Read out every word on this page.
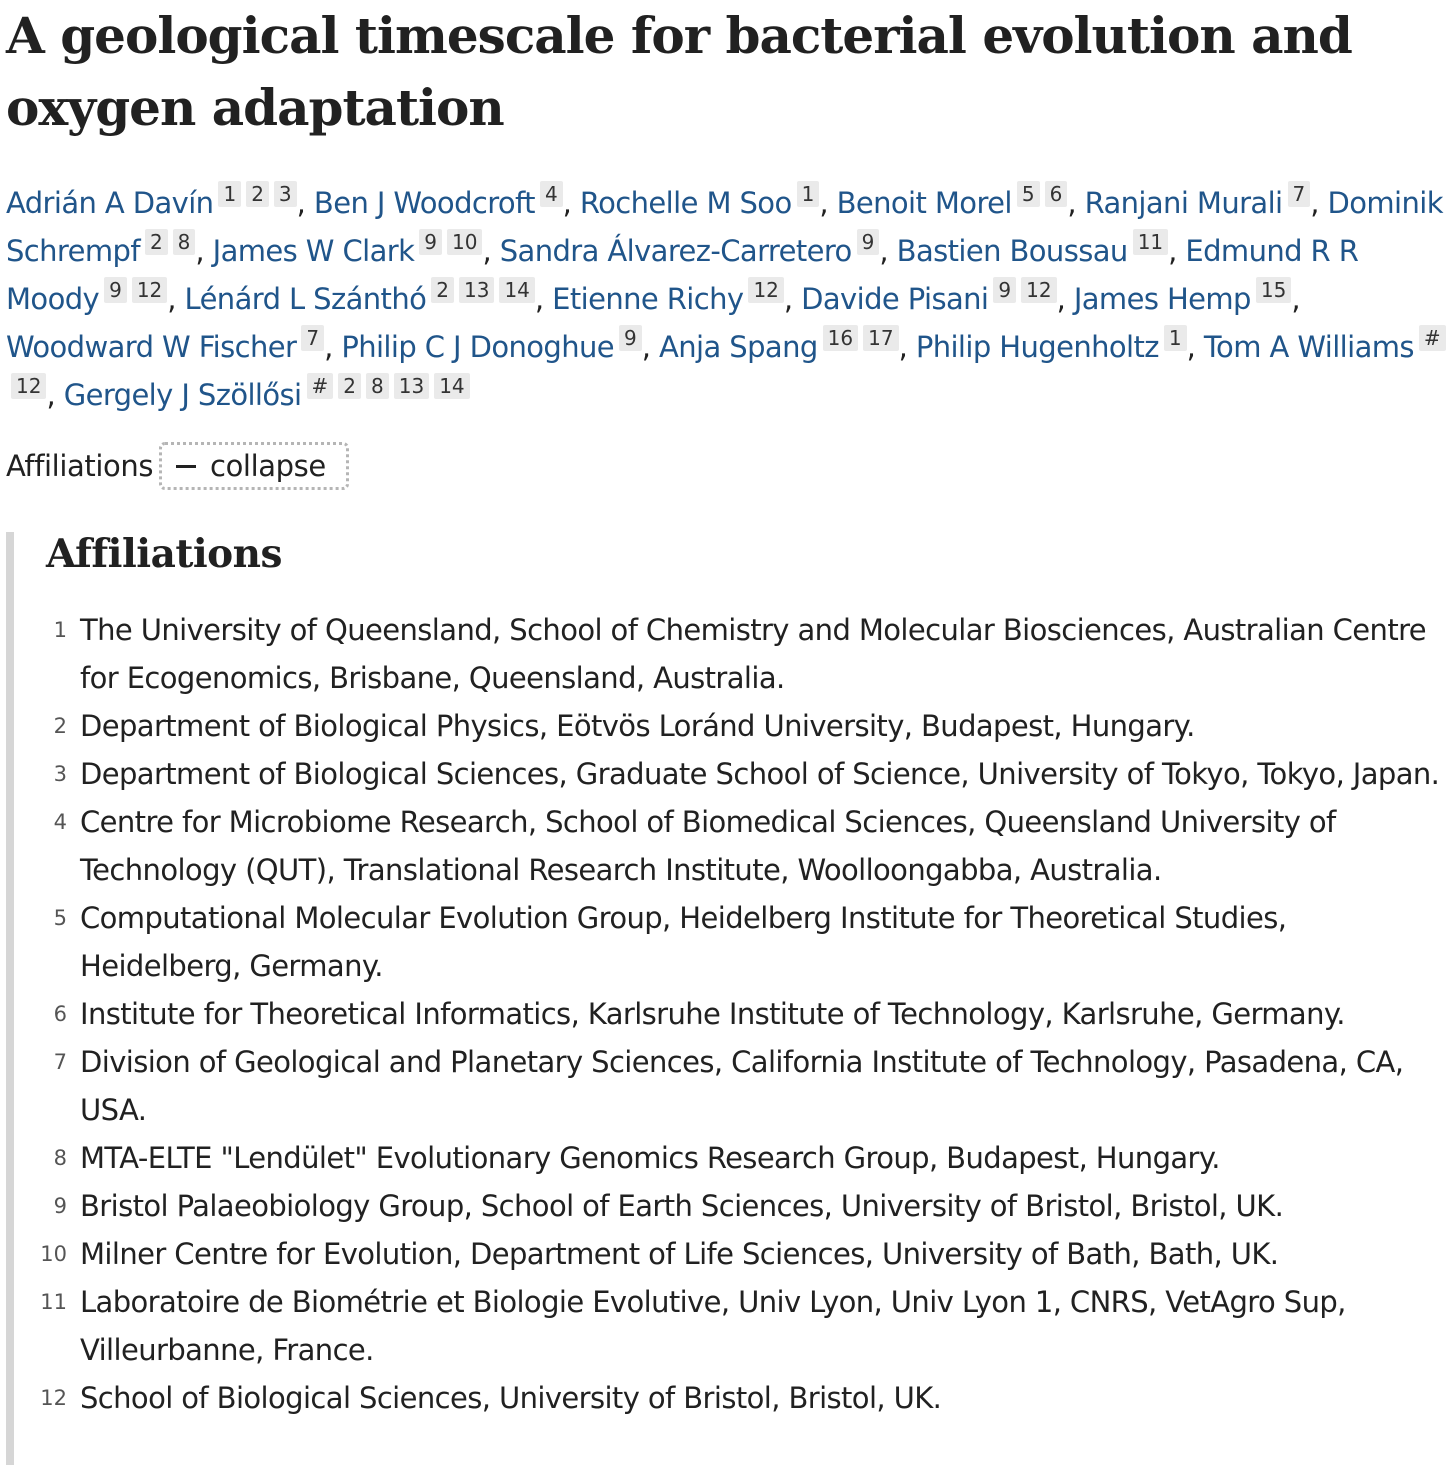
A geological timescale for bacterial evolution and oxygen adaptation
Adrián A Davín 1 2 3 , Ben J Woodcroft 4 , Rochelle M Soo 1 , Benoit Morel 5 6 , Ranjani Murali 7 , Dominik Schrempf 2 8 , James W Clark 9 10 , Sandra Álvarez-Carretero 9 , Bastien Boussau 11 , Edmund R R Moody 9 12 , Lénárd L Szánthó 2 13 14 , Etienne Richy 12 , Davide Pisani 9 12 , James Hemp 15 , Woodward W Fischer 7 , Philip C J Donoghue 9 , Anja Spang 16 17 , Philip Hugenholtz 1 , Tom A Williams #12 , Gergely J Szöllősi # 2 8 13 14
Affiliations collapse
Affiliations
1 The University of Queensland, School of Chemistry and Molecular Biosciences, Australian Centre for Ecogenomics, Brisbane, Queensland, Australia.
2 Department of Biological Physics, Eötvös Loránd University, Budapest, Hungary.
3 Department of Biological Sciences, Graduate School of Science, University of Tokyo, Tokyo, Japan.
4 Centre for Microbiome Research, School of Biomedical Sciences, Queensland University of Technology (QUT), Translational Research Institute, Woolloongabba, Australia.
5 Computational Molecular Evolution Group, Heidelberg Institute for Theoretical Studies, Heidelberg, Germany.
6 Institute for Theoretical Informatics, Karlsruhe Institute of Technology, Karlsruhe, Germany.
7 Division of Geological and Planetary Sciences, California Institute of Technology, Pasadena, CA, USA.
8 MTA-ELTE "Lendület" Evolutionary Genomics Research Group, Budapest, Hungary.
9 Bristol Palaeobiology Group, School of Earth Sciences, University of Bristol, Bristol, UK.
10 Milner Centre for Evolution, Department of Life Sciences, University of Bath, Bath, UK.
11 Laboratoire de Biométrie et Biologie Evolutive, Univ Lyon, Univ Lyon 1, CNRS, VetAgro Sup, Villeurbanne, France.
12 School of Biological Sciences, University of Bristol, Bristol, UK.
